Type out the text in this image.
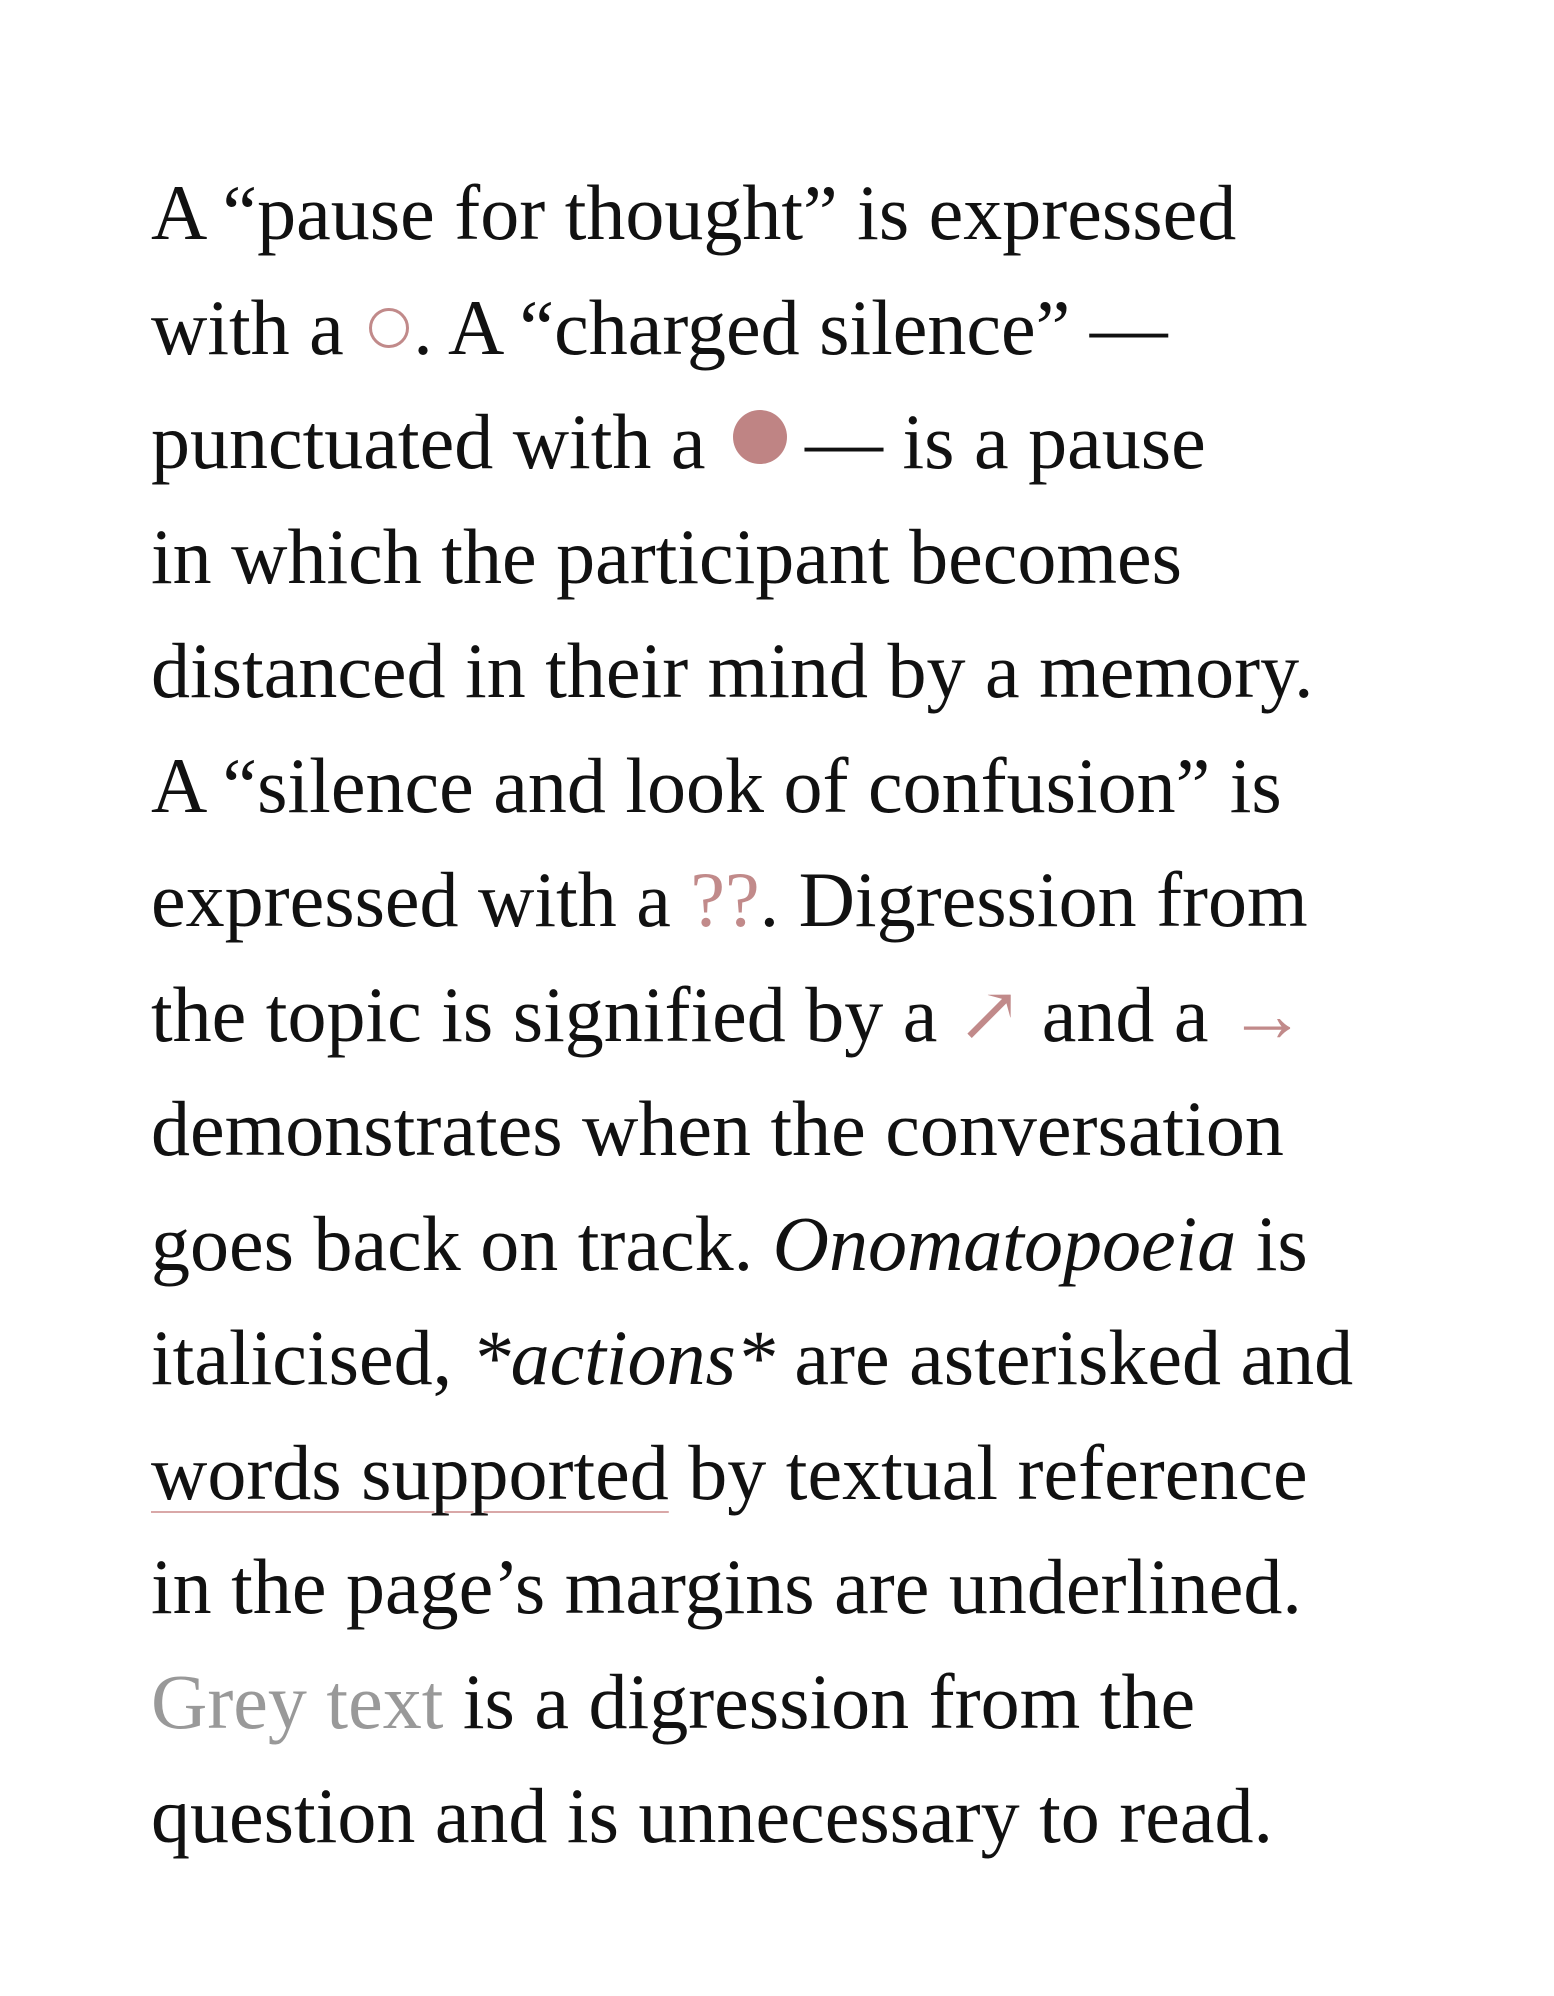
A “pause for thought” is expressed
with a . A “charged silence” —
punctuated with a — is a pause
in which the participant becomes
distanced in their mind by a memory.
A “silence and look of confusion” is
expressed with a ??. Digression from
the topic is signified by a ↗ and a →
demonstrates when the conversation
goes back on track. Onomatopoeia is
italicised, *actions* are asterisked and
words supported by textual reference
in the page’s margins are underlined.
Grey text is a digression from the
question and is unnecessary to read.
